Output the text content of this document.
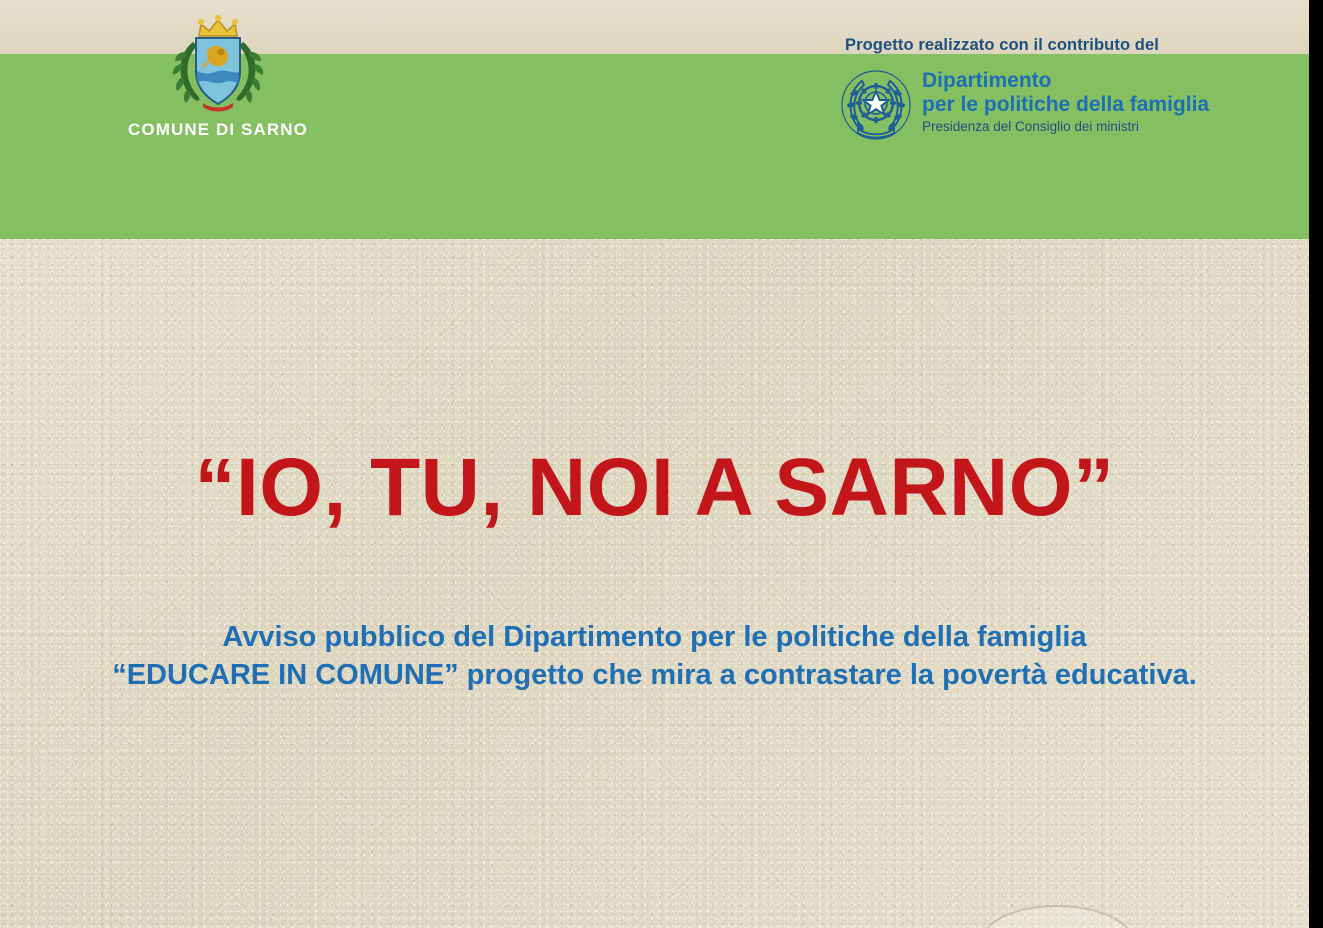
COMUNE DI SARNO
Progetto realizzato con il contributo del
Dipartimento
per le politiche della famiglia
Presidenza del Consiglio dei ministri
“IO, TU, NOI A SARNO”
Avviso pubblico del Dipartimento per le politiche della famiglia
“EDUCARE IN COMUNE” progetto che mira a contrastare la povertà educativa.
